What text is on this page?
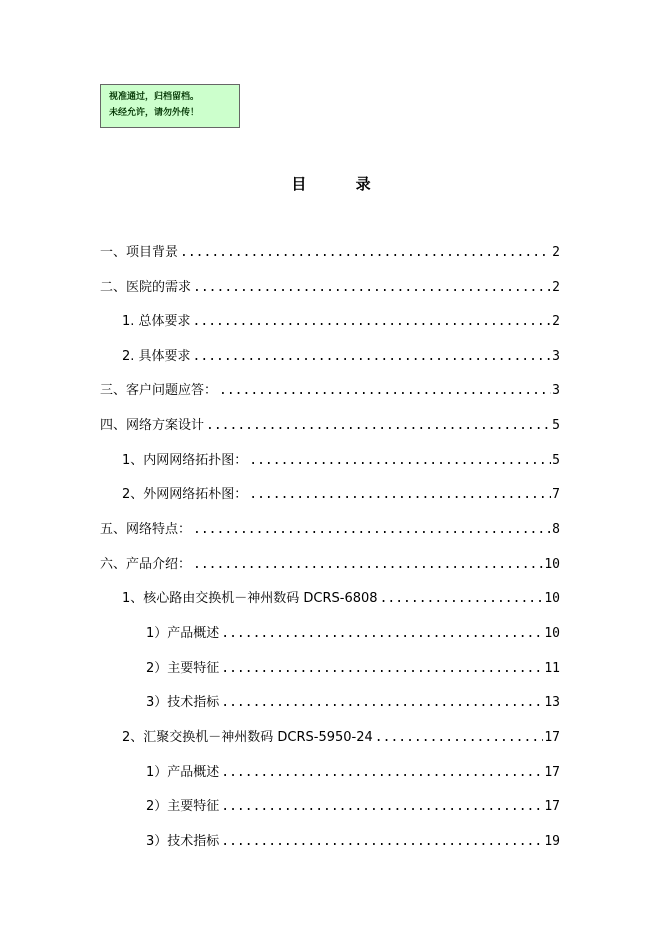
视准通过，归档留档。
未经允许，请勿外传！
目 录
一、项目背景 .....	2
二、医院的需求 .....	2
1. 总体要求 .....	2
2. 具体要求 .....	3
三、客户问题应答： .....	3
四、网络方案设计 .....	5
1、内网网络拓扑图： .....	5
2、外网网络拓朴图： .....	7
五、网络特点： .....	8
六、产品介绍： .....	10
1、核心路由交换机－神州数码 DCRS-6808 .....	10
1）产品概述 .....	10
2）主要特征 .....	11
3）技术指标 .....	13
2、汇聚交换机－神州数码 DCRS-5950-24 .....	17
1）产品概述 .....	17
2）主要特征 .....	17
3）技术指标 .....	19
